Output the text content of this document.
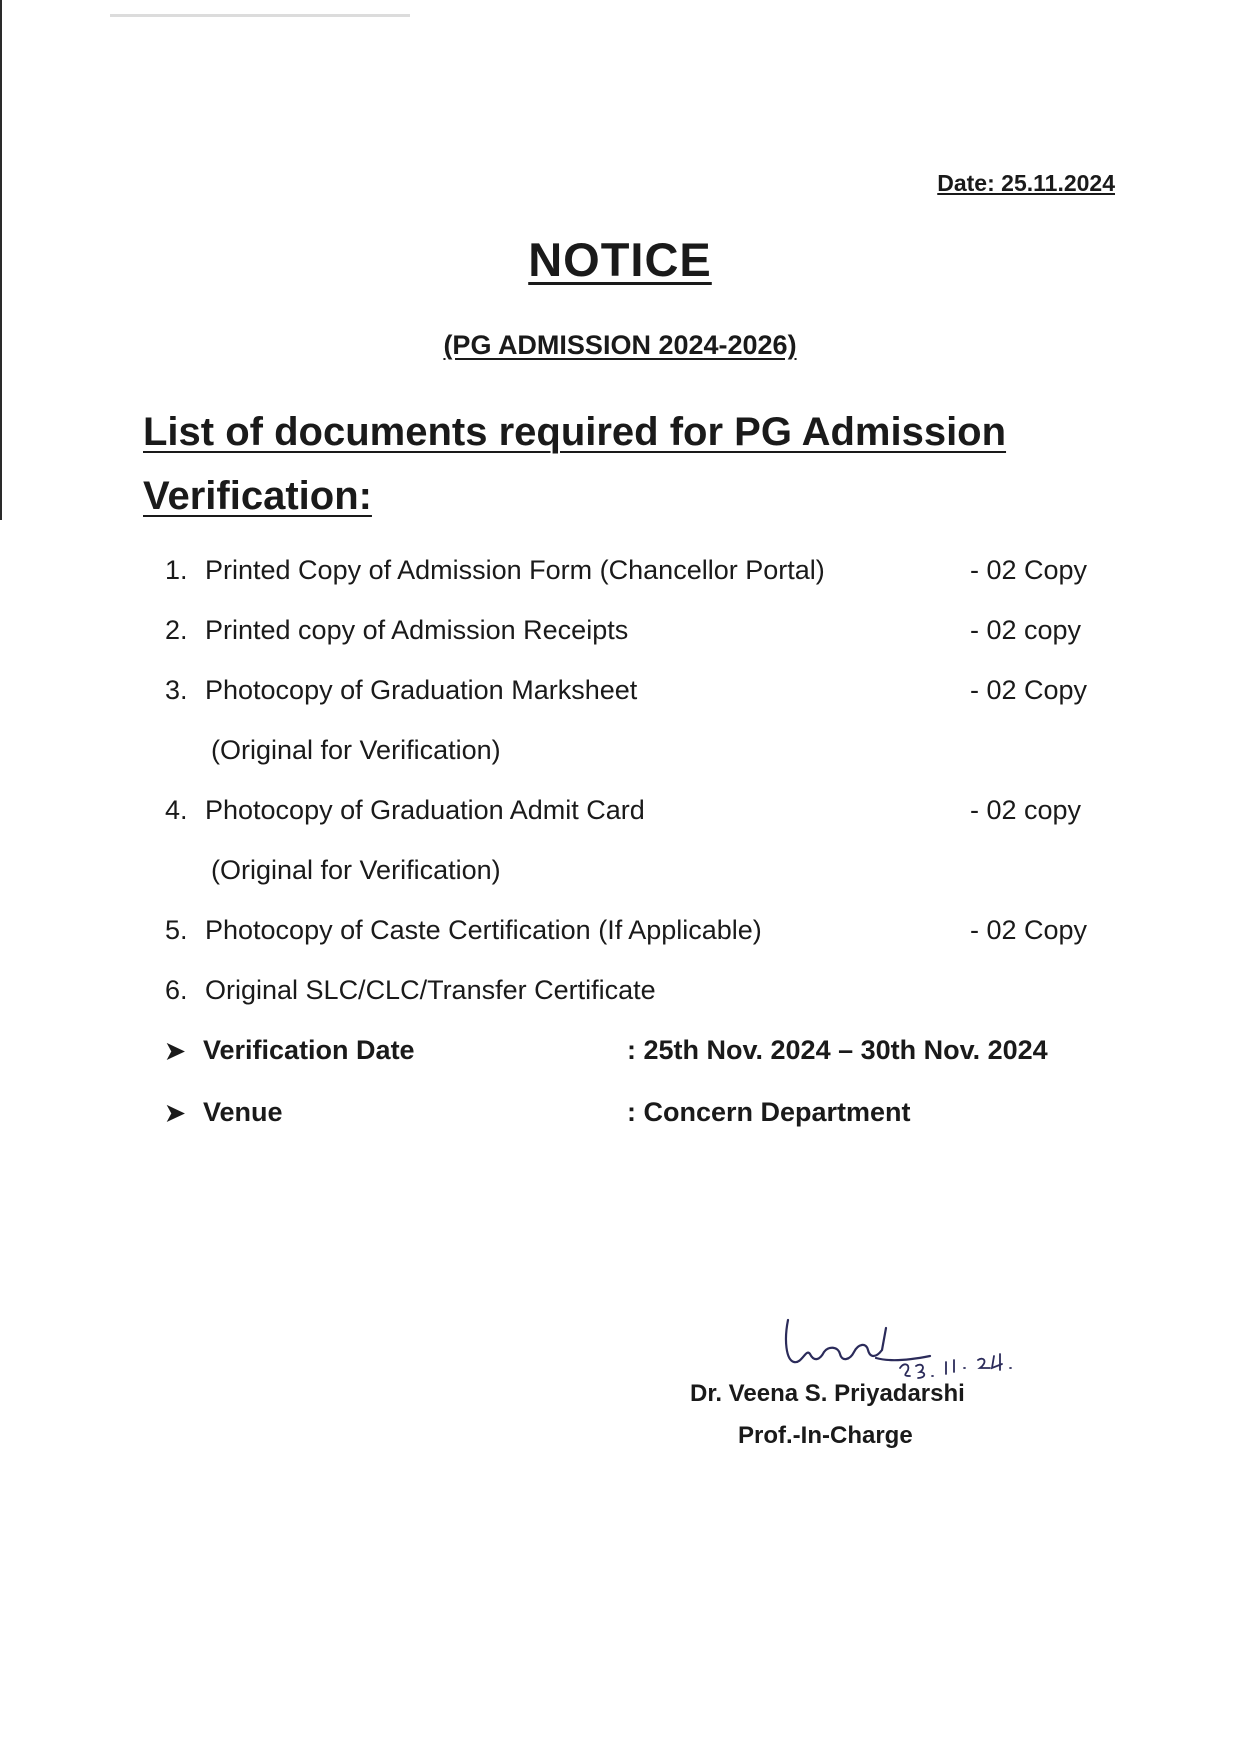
Date: 25.11.2024
NOTICE
(PG ADMISSION 2024-2026)
List of documents required for PG Admission Verification:
1. Printed Copy of Admission Form (Chancellor Portal)	- 02 Copy
2. Printed copy of Admission Receipts	- 02 copy
3. Photocopy of Graduation Marksheet	- 02 Copy
(Original for Verification)
4. Photocopy of Graduation Admit Card	- 02 copy
(Original for Verification)
5. Photocopy of Caste Certification (If Applicable)	- 02 Copy
6. Original SLC/CLC/Transfer Certificate
➤ Verification Date	: 25th Nov. 2024 – 30th Nov. 2024
➤ Venue	: Concern Department
Dr. Veena S. Priyadarshi
Prof.-In-Charge
